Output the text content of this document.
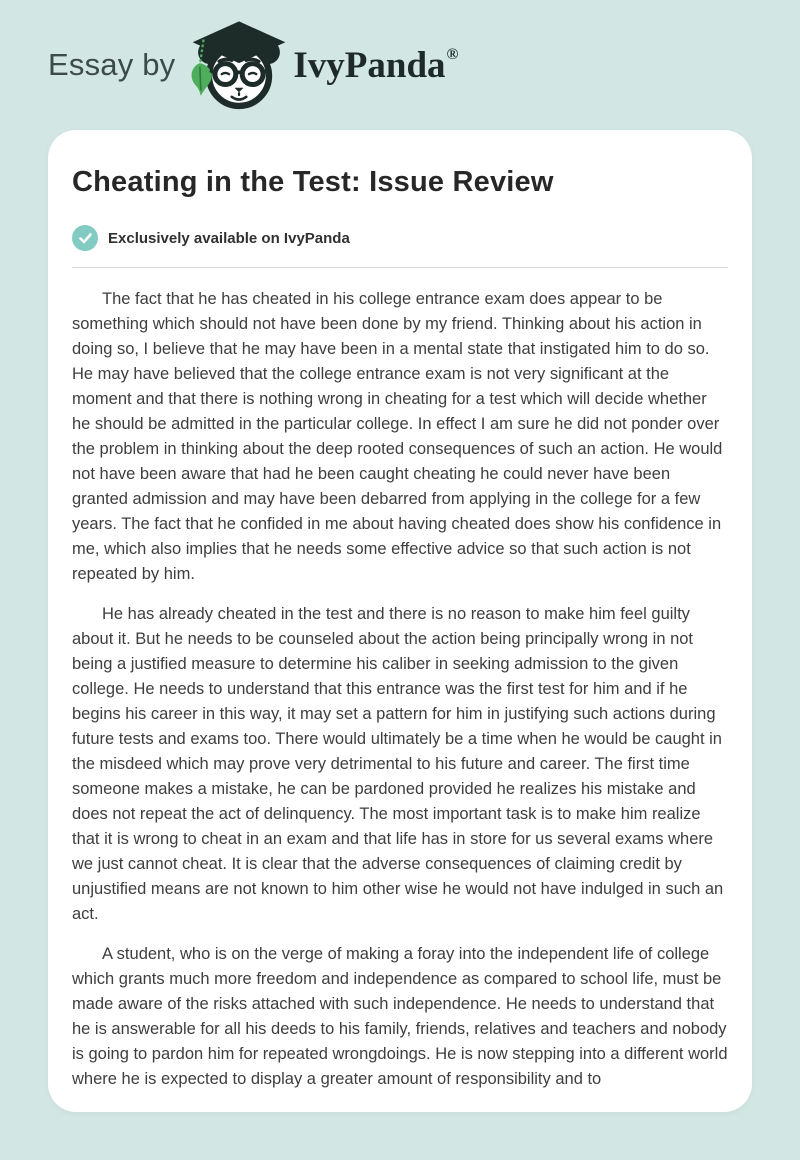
Essay by	IvyPanda®
Cheating in the Test: Issue Review
Exclusively available on IvyPanda

The fact that he has cheated in his college entrance exam does appear to be something which should not have been done by my friend. Thinking about his action in doing so, I believe that he may have been in a mental state that instigated him to do so. He may have believed that the college entrance exam is not very significant at the moment and that there is nothing wrong in cheating for a test which will decide whether he should be admitted in the particular college. In effect I am sure he did not ponder over the problem in thinking about the deep rooted consequences of such an action. He would not have been aware that had he been caught cheating he could never have been granted admission and may have been debarred from applying in the college for a few years. The fact that he confided in me about having cheated does show his confidence in me, which also implies that he needs some effective advice so that such action is not repeated by him.

He has already cheated in the test and there is no reason to make him feel guilty about it. But he needs to be counseled about the action being principally wrong in not being a justified measure to determine his caliber in seeking admission to the given college. He needs to understand that this entrance was the first test for him and if he begins his career in this way, it may set a pattern for him in justifying such actions during future tests and exams too. There would ultimately be a time when he would be caught in the misdeed which may prove very detrimental to his future and career. The first time someone makes a mistake, he can be pardoned provided he realizes his mistake and does not repeat the act of delinquency. The most important task is to make him realize that it is wrong to cheat in an exam and that life has in store for us several exams where we just cannot cheat. It is clear that the adverse consequences of claiming credit by unjustified means are not known to him other wise he would not have indulged in such an act.

A student, who is on the verge of making a foray into the independent life of college which grants much more freedom and independence as compared to school life, must be made aware of the risks attached with such independence. He needs to understand that he is answerable for all his deeds to his family, friends, relatives and teachers and nobody is going to pardon him for repeated wrongdoings. He is now stepping into a different world where he is expected to display a greater amount of responsibility and to
